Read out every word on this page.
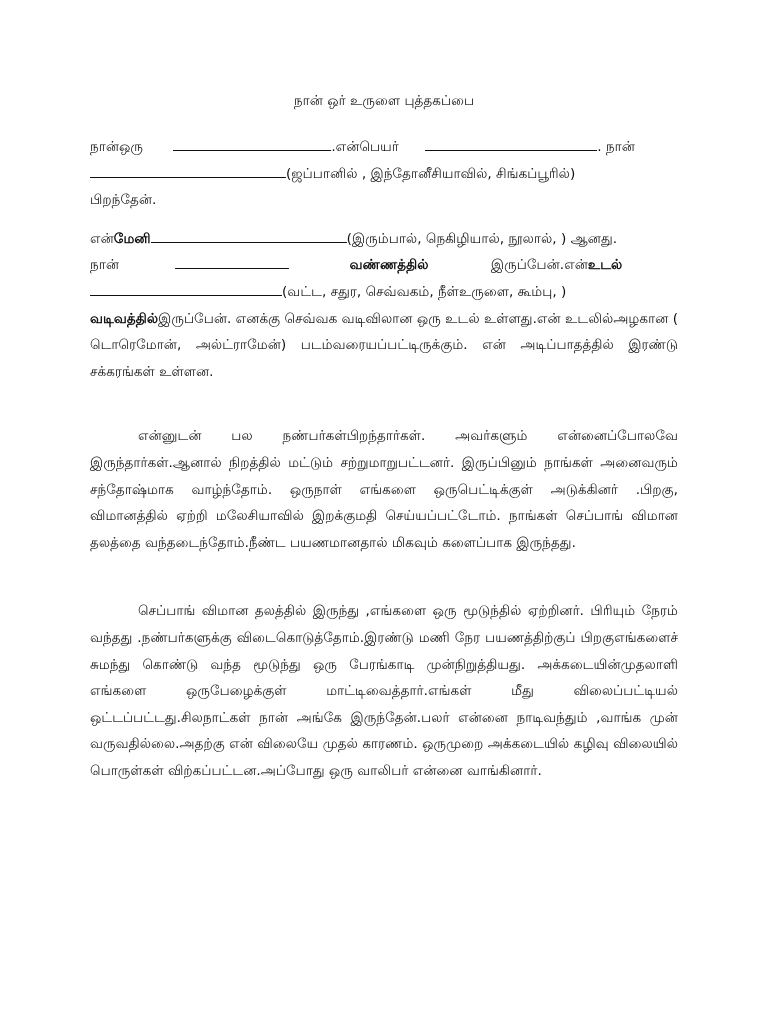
நான் ஒர் உருளை புத்தகப்பை

நான்ஒரு	.என்பெயர்	. நான்
(ஜப்பானில் , இந்தோனீசியாவில், சிங்கப்பூரில்)
பிறந்தேன்.

என்மேனி	(இரும்பால், நெகிழியால், நூலால், ) ஆனது.
நான்	வண்ணத்தில்	இருப்பேன்.என்உடல்
(வட்ட, சதுர, செவ்வகம், நீள்உருளை, கூம்பு, )
வடிவத்தில்இருப்பேன். எனக்கு செவ்வக வடிவிலான ஒரு உடல் உள்ளது.என் உடலில்அழகான ( டொரெமோன், அல்ட்ராமேன்) படம்வரையப்பட்டிருக்கும். என் அடிப்பாதத்தில் இரண்டு சக்கரங்கள் உள்ளன.

என்னுடன் பல நண்பர்கள்பிறந்தார்கள். அவர்களும் என்னைப்போலவே இருந்தார்கள்.ஆனால் நிறத்தில் மட்டும் சற்றுமாறுபட்டனர். இருப்பினும் நாங்கள் அனைவரும் சந்தோஷ்மாக வாழ்ந்தோம். ஒருநாள் எங்களை ஒருபெட்டிக்குள் அடுக்கினர் .பிறகு, விமானத்தில் ஏற்றி மலேசியாவில் இறக்குமதி செய்யப்பட்டோம். நாங்கள் செப்பாங் விமான தலத்தை வந்தடைந்தோம்.நீண்ட பயணமானதால் மிகவும் களைப்பாக இருந்தது.

செப்பாங் விமான தலத்தில் இருந்து ,எங்களை ஒரு மூடுந்தில் ஏற்றினர். பிரியும் நேரம் வந்தது .நண்பர்களுக்கு விடைகொடுத்தோம்.இரண்டு மணி நேர பயணத்திற்குப் பிறகுஎங்களைச் சுமந்து கொண்டு வந்த மூடுந்து ஒரு பேரங்காடி முன்நிறுத்தியது. அக்கடையின்முதலாளி எங்களை ஒருபேழைக்குள் மாட்டிவைத்தார்.எங்கள் மீது விலைப்பட்டியல் ஒட்டப்பட்டது.சிலநாட்கள் நான் அங்கே இருந்தேன்.பலர் என்னை நாடிவந்தும் ,வாங்க முன் வருவதில்லை.அதற்கு என் விலையே முதல் காரணம். ஒருமுறை அக்கடையில் கழிவு விலையில் பொருள்கள் விற்கப்பட்டன.அப்போது ஒரு வாலிபர் என்னை வாங்கினார்.
